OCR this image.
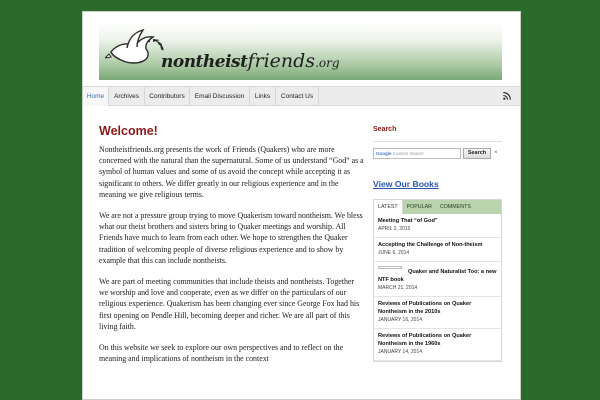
nontheistfriends.org
Home	Archives	Contributors	Email Discussion	Links	Contact Us
Welcome!

Nontheistfriends.org presents the work of Friends (Quakers) who are more concerned with the natural than the supernatural. Some of us understand “God” as a symbol of human values and some of us avoid the concept while accepting it as significant to others. We differ greatly in our religious experience and in the meaning we give religious terms.

We are not a pressure group trying to move Quakerism toward nontheism. We bless what our theist brothers and sisters bring to Quaker meetings and worship. All Friends have much to learn from each other. We hope to strengthen the Quaker tradition of welcoming people of diverse religious experience and to show by example that this can include nontheists.

We are part of meeting communities that include theists and nontheists. Together we worship and love and cooperate, even as we differ on the particulars of our religious experience. Quakerism has been changing ever since George Fox had his first opening on Pendle Hill, becoming deeper and richer. We are all part of this living faith.

On this website we seek to explore our own perspectives and to reflect on the meaning and implications of nontheism in the context

Search
Google Custom Search	Search	×
View Our Books
LATEST	POPULAR	COMMENTS
Meeting That “of God”
APRIL 2, 2015
Accepting the Challenge of Non-theism
JUNE 6, 2014
Quaker and Naturalist Too: a new NTF book
MARCH 21, 2014
Reviews of Publications on Quaker Nontheism in the 2010s
JANUARY 16, 2014
Reviews of Publications on Quaker Nontheism in the 1960s
JANUARY 14, 2014
